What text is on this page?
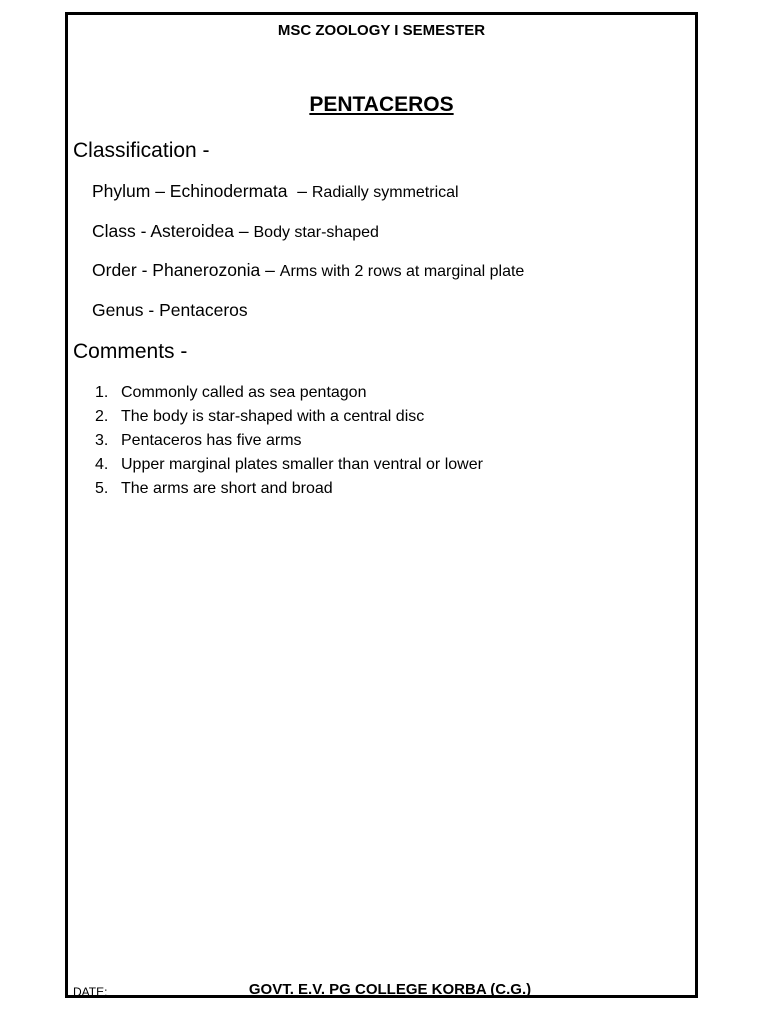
MSC ZOOLOGY I SEMESTER
PENTACEROS
Classification -
Phylum – Echinodermata – Radially symmetrical
Class - Asteroidea – Body star-shaped
Order - Phanerozonia – Arms with 2 rows at marginal plate
Genus - Pentaceros
Comments -
1. Commonly called as sea pentagon
2. The body is star-shaped with a central disc
3. Pentaceros has five arms
4. Upper marginal plates smaller than ventral or lower
5. The arms are short and broad
DATE:	GOVT. E.V. PG COLLEGE KORBA (C.G.)
